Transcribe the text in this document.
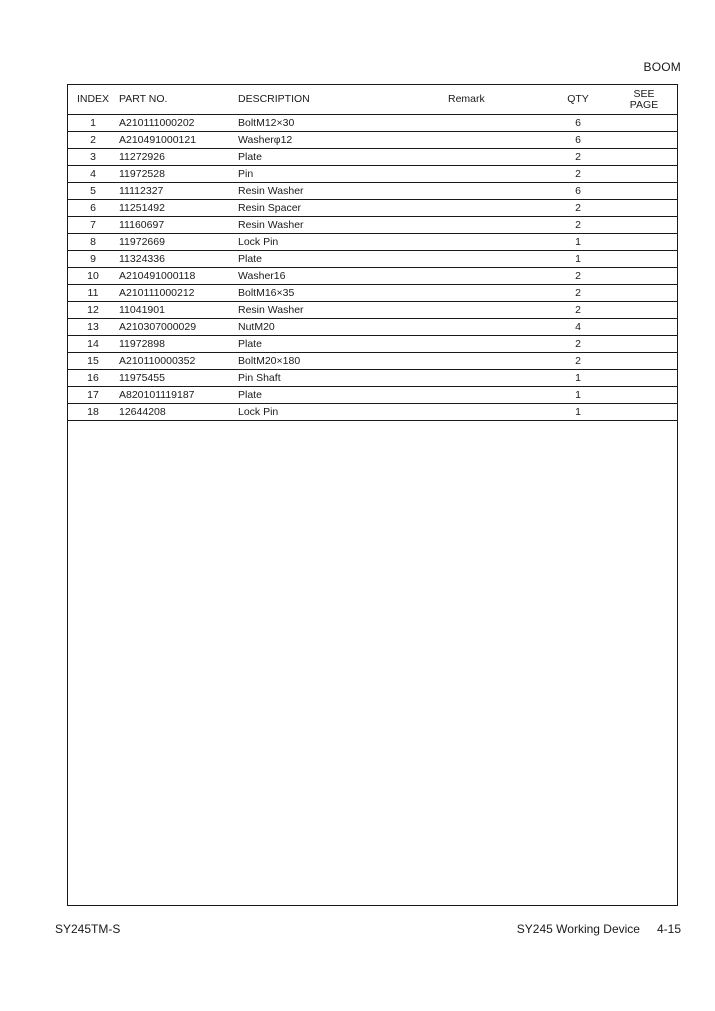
BOOM
INDEX	PART NO.	DESCRIPTION	Remark	QTY	SEE
PAGE

1	A210111000202	BoltM12×30		6	
2	A210491000121	Washerφ12		6	
3	11272926	Plate		2	
4	11972528	Pin		2	
5	11112327	Resin Washer		6	
6	11251492	Resin Spacer		2	
7	11160697	Resin Washer		2	
8	11972669	Lock Pin		1	
9	11324336	Plate		1	
10	A210491000118	Washer16		2	
11	A210111000212	BoltM16×35		2	
12	11041901	Resin Washer		2	
13	A210307000029	NutM20		4	
14	11972898	Plate		2	
15	A210110000352	BoltM20×180		2	
16	11975455	Pin Shaft		1	
17	A820101119187	Plate		1	
18	12644208	Lock Pin		1	
SY245TM-S	SY245 Working Device 4-15
